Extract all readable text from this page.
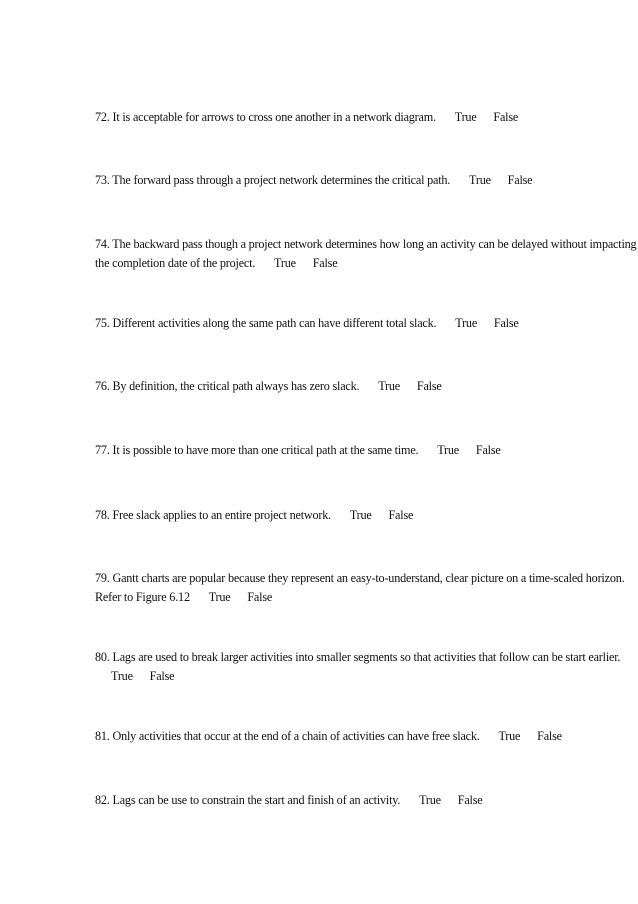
72. It is acceptable for arrows to cross one another in a network diagram. True False
73. The forward pass through a project network determines the critical path. True False
74. The backward pass though a project network determines how long an activity can be delayed without impacting the completion date of the project. True False
75. Different activities along the same path can have different total slack. True False
76. By definition, the critical path always has zero slack. True False
77. It is possible to have more than one critical path at the same time. True False
78. Free slack applies to an entire project network. True False
79. Gantt charts are popular because they represent an easy-to-understand, clear picture on a time-scaled horizon. Refer to Figure 6.12 True False
80. Lags are used to break larger activities into smaller segments so that activities that follow can be start earlier. True False
81. Only activities that occur at the end of a chain of activities can have free slack. True False
82. Lags can be use to constrain the start and finish of an activity. True False
